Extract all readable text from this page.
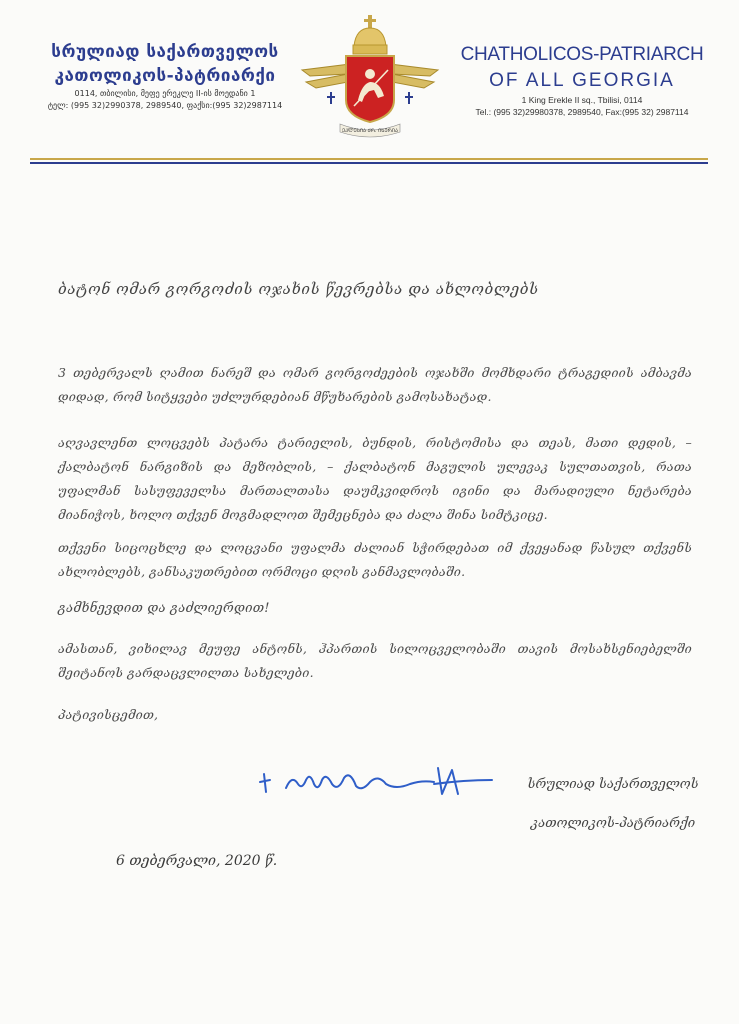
სრულიად საქართველოს
კათოლიკოს-პატრიარქი
0114, თბილისი, მეფე ერეკლე II-ის მოედანი 1
ტელ: (995 32)2990378, 2989540, ფაქსი:(995 32)2987114
ᲔᲙᲚᲔᲡᲘᲐ ᲥᲠ. ᲘᲮᲔᲠᲘᲐ
CHATHOLICOS-PATRIARCH
OF ALL GEORGIA
1 King Erekle II sq., Tbilisi, 0114
Tel.: (995 32)29980378, 2989540, Fax:(995 32) 2987114
ბატონ ომარ გორგოძის ოჯახის წევრებსა და ახლობლებს
3 თებერვალს ღამით ნარეშ და ომარ გორგოძეების ოჯახში მომხდარი ტრაგედიის ამბავმა დიდად, რომ სიტყვები უძლურდებიან მწუხარების გამოსახატად.
აღვავლენთ ლოცვებს პატარა ტარიელის, ბუნდის, რისტომისა და თეას, მათი დედის, – ქალბატონ ნარგიზის და მეზობლის, – ქალბატონ მაგულის ულევაკ სულთათვის, რათა უფალმან სასუფეველსა მართალთასა დაუმკვიდროს იგინი და მარადიული ნეტარება მიანიჭოს, ხოლო თქვენ მოგმადლოთ შემეცნება და ძალა შინა სიმტკიცე.
თქვენი სიცოცხლე და ლოცვანი უფალმა ძალიან სჭირდებათ იმ ქვეყანად წასულ თქვენს ახლობლებს, განსაკუთრებით ორმოცი დღის განმავლობაში.
გამხნევდით და გაძლიერდით!
ამასთან, ვიხილავ მეუფე ანტონს, ჰპართის სილოცველობაში თავის მოსახსენიებელში შეიტანოს გარდაცვლილთა სახელები.
პატივისცემით,
სრულიად საქართველოს
კათოლიკოს-პატრიარქი
6 თებერვალი, 2020 წ.
